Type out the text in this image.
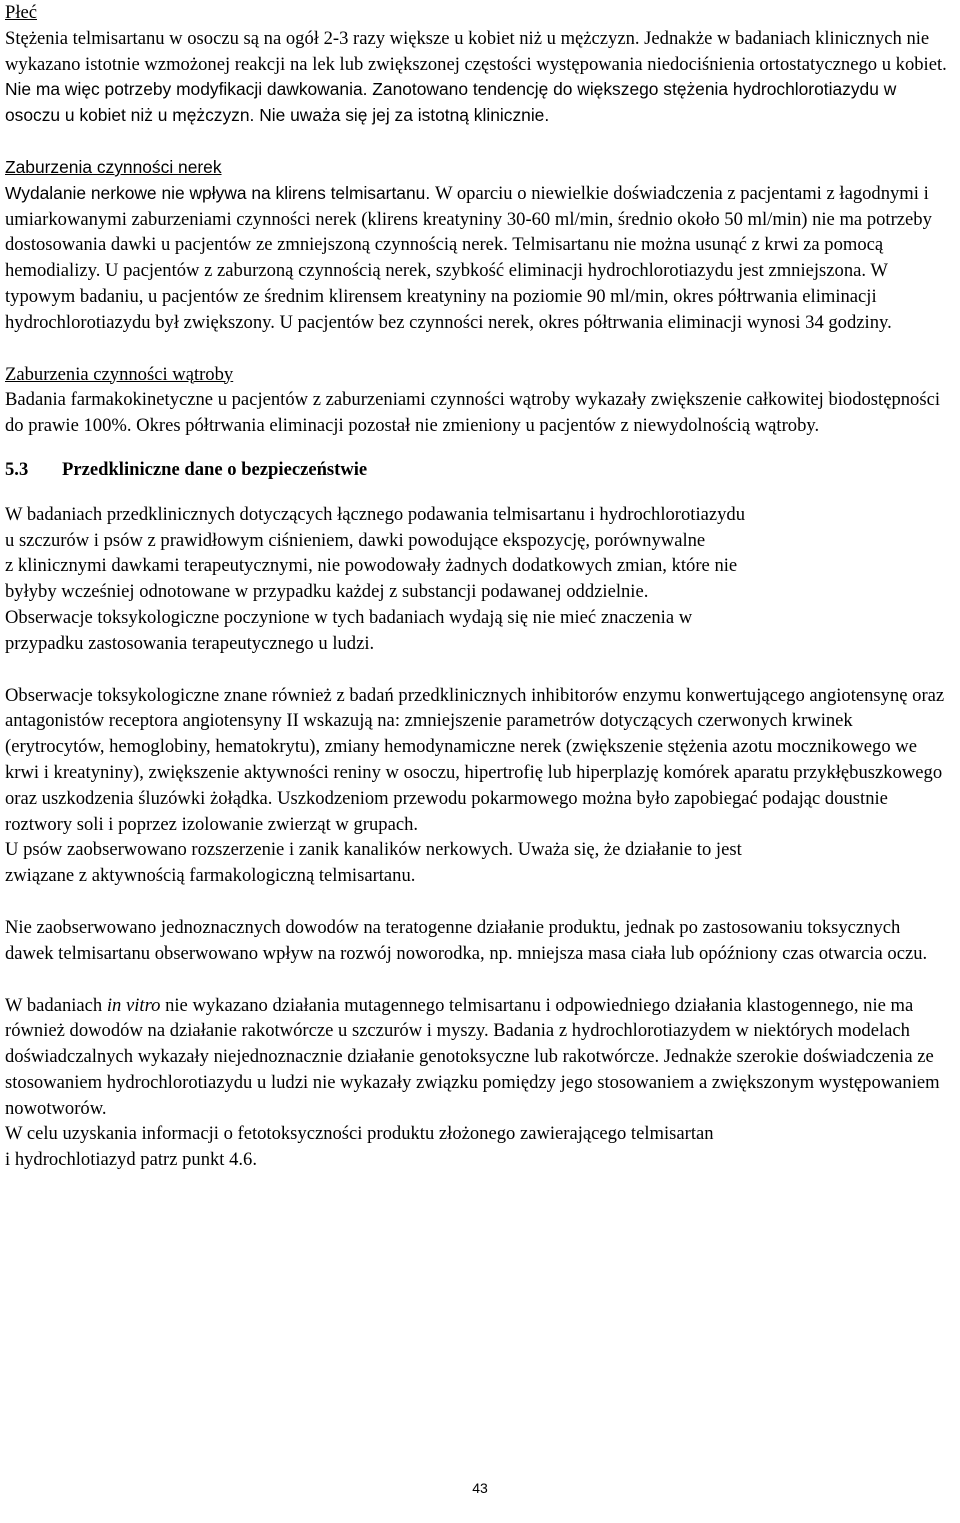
Płeć

Stężenia telmisartanu w osoczu są na ogół 2-3 razy większe u kobiet niż u mężczyzn. Jednakże w badaniach klinicznych nie wykazano istotnie wzmożonej reakcji na lek lub zwiększonej częstości występowania niedociśnienia ortostatycznego u kobiet. Nie ma więc potrzeby modyfikacji dawkowania. Zanotowano tendencję do większego stężenia hydrochlorotiazydu w osoczu u kobiet niż u mężczyzn. Nie uważa się jej za istotną klinicznie.

Zaburzenia czynności nerek

Wydalanie nerkowe nie wpływa na klirens telmisartanu. W oparciu o niewielkie doświadczenia z pacjentami z łagodnymi i umiarkowanymi zaburzeniami czynności nerek (klirens kreatyniny 30-60 ml/min, średnio około 50 ml/min) nie ma potrzeby dostosowania dawki u pacjentów ze zmniejszoną czynnością nerek. Telmisartanu nie można usunąć z krwi za pomocą hemodializy. U pacjentów z zaburzoną czynnością nerek, szybkość eliminacji hydrochlorotiazydu jest zmniejszona. W typowym badaniu, u pacjentów ze średnim klirensem kreatyniny na poziomie 90 ml/min, okres półtrwania eliminacji hydrochlorotiazydu był zwiększony. U pacjentów bez czynności nerek, okres półtrwania eliminacji wynosi 34 godziny.

Zaburzenia czynności wątroby

Badania farmakokinetyczne u pacjentów z zaburzeniami czynności wątroby wykazały zwiększenie całkowitej biodostępności do prawie 100%. Okres półtrwania eliminacji pozostał nie zmieniony u pacjentów z niewydolnością wątroby.

5.3 Przedkliniczne dane o bezpieczeństwie

W badaniach przedklinicznych dotyczących łącznego podawania telmisartanu i hydrochlorotiazydu
u szczurów i psów z prawidłowym ciśnieniem, dawki powodujące ekspozycję, porównywalne
z klinicznymi dawkami terapeutycznymi, nie powodowały żadnych dodatkowych zmian, które nie
byłyby wcześniej odnotowane w przypadku każdej z substancji podawanej oddzielnie.
Obserwacje toksykologiczne poczynione w tych badaniach wydają się nie mieć znaczenia w
przypadku zastosowania terapeutycznego u ludzi.

Obserwacje toksykologiczne znane również z badań przedklinicznych inhibitorów enzymu konwertującego angiotensynę oraz antagonistów receptora angiotensyny II wskazują na: zmniejszenie parametrów dotyczących czerwonych krwinek (erytrocytów, hemoglobiny, hematokrytu), zmiany hemodynamiczne nerek (zwiększenie stężenia azotu mocznikowego we krwi i kreatyniny), zwiększenie aktywności reniny w osoczu, hipertrofię lub hiperplazję komórek aparatu przykłębuszkowego oraz uszkodzenia śluzówki żołądka. Uszkodzeniom przewodu pokarmowego można było zapobiegać podając doustnie roztwory soli i poprzez izolowanie zwierząt w grupach.

U psów zaobserwowano rozszerzenie i zanik kanalików nerkowych. Uważa się, że działanie to jest
związane z aktywnością farmakologiczną telmisartanu.

Nie zaobserwowano jednoznacznych dowodów na teratogenne działanie produktu, jednak po zastosowaniu toksycznych dawek telmisartanu obserwowano wpływ na rozwój noworodka, np. mniejsza masa ciała lub opóźniony czas otwarcia oczu.

W badaniach in vitro nie wykazano działania mutagennego telmisartanu i odpowiedniego działania klastogennego, nie ma również dowodów na działanie rakotwórcze u szczurów i myszy. Badania z hydrochlorotiazydem w niektórych modelach doświadczalnych wykazały niejednoznacznie działanie genotoksyczne lub rakotwórcze. Jednakże szerokie doświadczenia ze stosowaniem hydrochlorotiazydu u ludzi nie wykazały związku pomiędzy jego stosowaniem a zwiększonym występowaniem nowotworów.

W celu uzyskania informacji o fetotoksyczności produktu złożonego zawierającego telmisartan
i hydrochlotiazyd patrz punkt 4.6.

43
